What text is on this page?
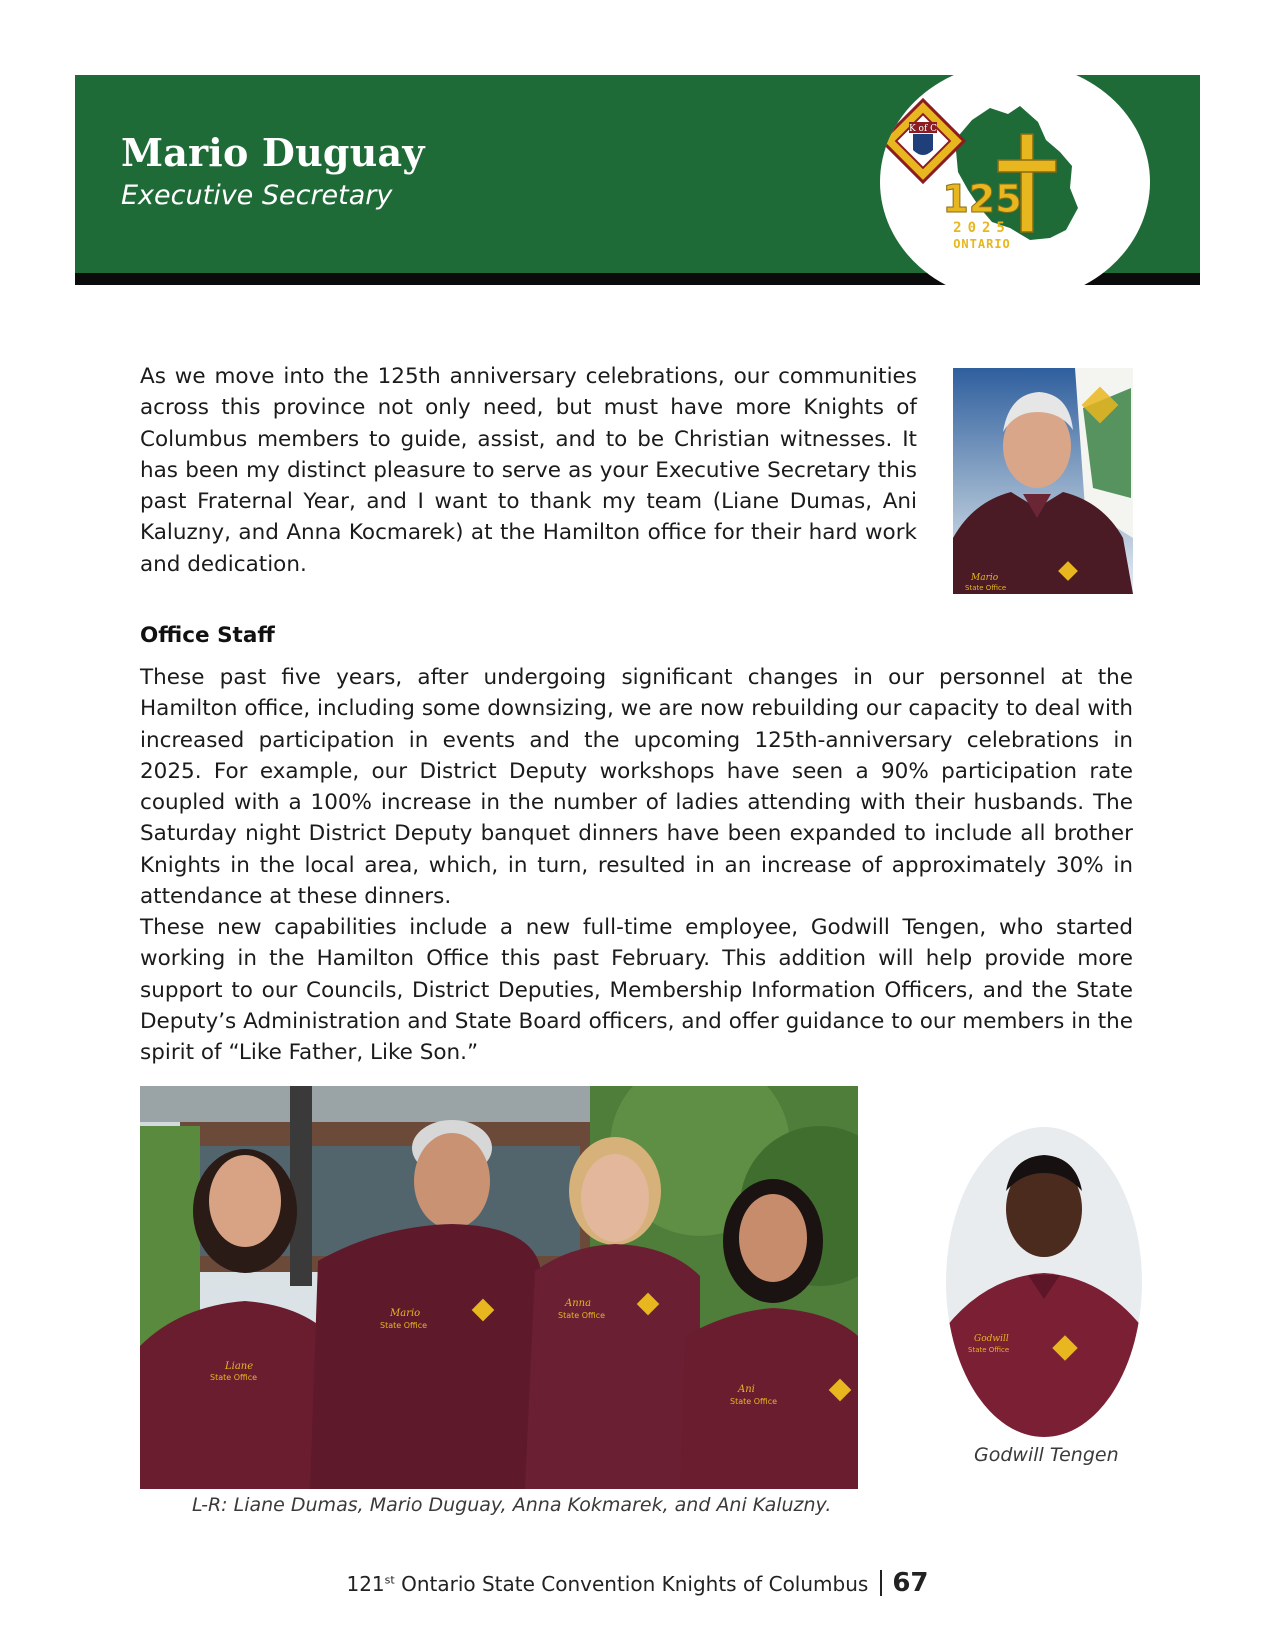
Mario Duguay
Executive Secretary
K of C
125
2025
ONTARIO

As we move into the 125th anniversary celebrations, our communities across this province not only need, but must have more Knights of Columbus members to guide, assist, and to be Christian witnesses. It has been my distinct pleasure to serve as your Executive Secretary this past Fraternal Year, and I want to thank my team (Liane Dumas, Ani Kaluzny, and Anna Kocmarek) at the Hamilton office for their hard work and dedication.

Mario
State Office
Office Staff

These past five years, after undergoing significant changes in our personnel at the Hamilton office, including some downsizing, we are now rebuilding our capacity to deal with increased participation in events and the upcoming 125th-anniversary celebrations in 2025. For example, our District Deputy workshops have seen a 90% participation rate coupled with a 100% increase in the number of ladies attending with their husbands. The Saturday night District Deputy banquet dinners have been expanded to include all brother Knights in the local area, which, in turn, resulted in an increase of approximately 30% in attendance at these dinners.

These new capabilities include a new full-time employee, Godwill Tengen, who started working in the Hamilton Office this past February. This addition will help provide more support to our Councils, District Deputies, Membership Information Officers, and the State Deputy’s Administration and State Board officers, and offer guidance to our members in the spirit of “Like Father, Like Son.”

Liane
State Office
Mario
State Office
Anna
State Office
Ani
State Office
L-R: Liane Dumas, Mario Duguay, Anna Kokmarek, and Ani Kaluzny.
Godwill
State Office
Godwill Tengen
121st Ontario State Convention Knights of Columbus 67
